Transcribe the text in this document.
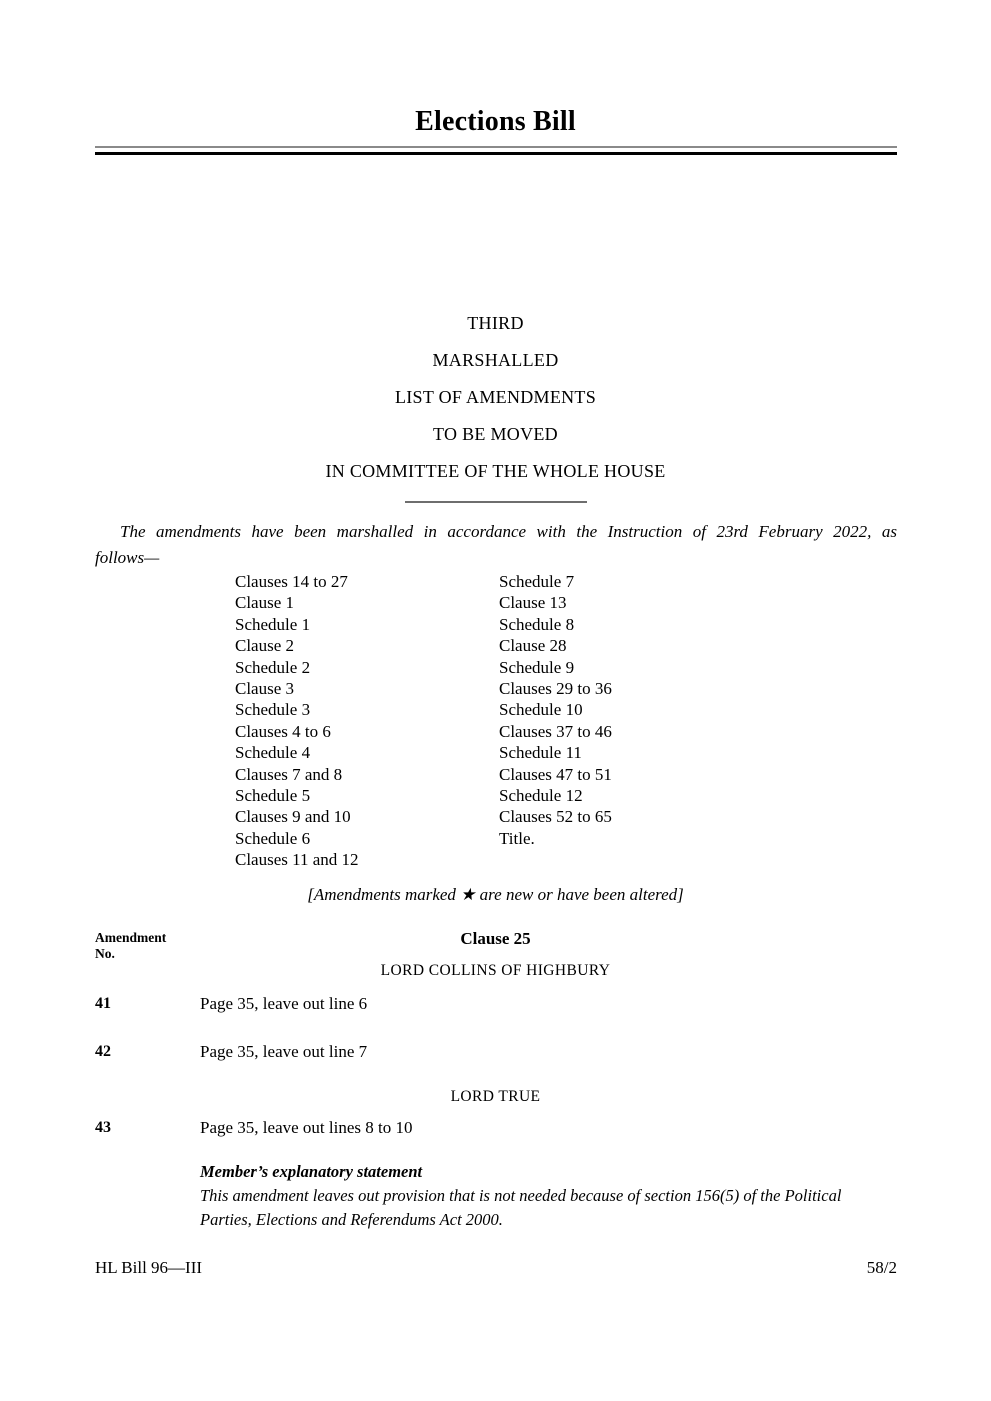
Elections Bill
THIRD
MARSHALLED
LIST OF AMENDMENTS
TO BE MOVED
IN COMMITTEE OF THE WHOLE HOUSE
The amendments have been marshalled in accordance with the Instruction of 23rd February 2022, as
follows—
Clauses 14 to 27
Clause 1
Schedule 1
Clause 2
Schedule 2
Clause 3
Schedule 3
Clauses 4 to 6
Schedule 4
Clauses 7 and 8
Schedule 5
Clauses 9 and 10
Schedule 6
Clauses 11 and 12
Schedule 7
Clause 13
Schedule 8
Clause 28
Schedule 9
Clauses 29 to 36
Schedule 10
Clauses 37 to 46
Schedule 11
Clauses 47 to 51
Schedule 12
Clauses 52 to 65
Title.
[Amendments marked ★ are new or have been altered]
Amendment No.
Clause 25
LORD COLLINS OF HIGHBURY
41	Page 35, leave out line 6
42	Page 35, leave out line 7
LORD TRUE
43	Page 35, leave out lines 8 to 10
Member’s explanatory statement
This amendment leaves out provision that is not needed because of section 156(5) of the Political Parties, Elections and Referendums Act 2000.
HL Bill 96—III	58/2
